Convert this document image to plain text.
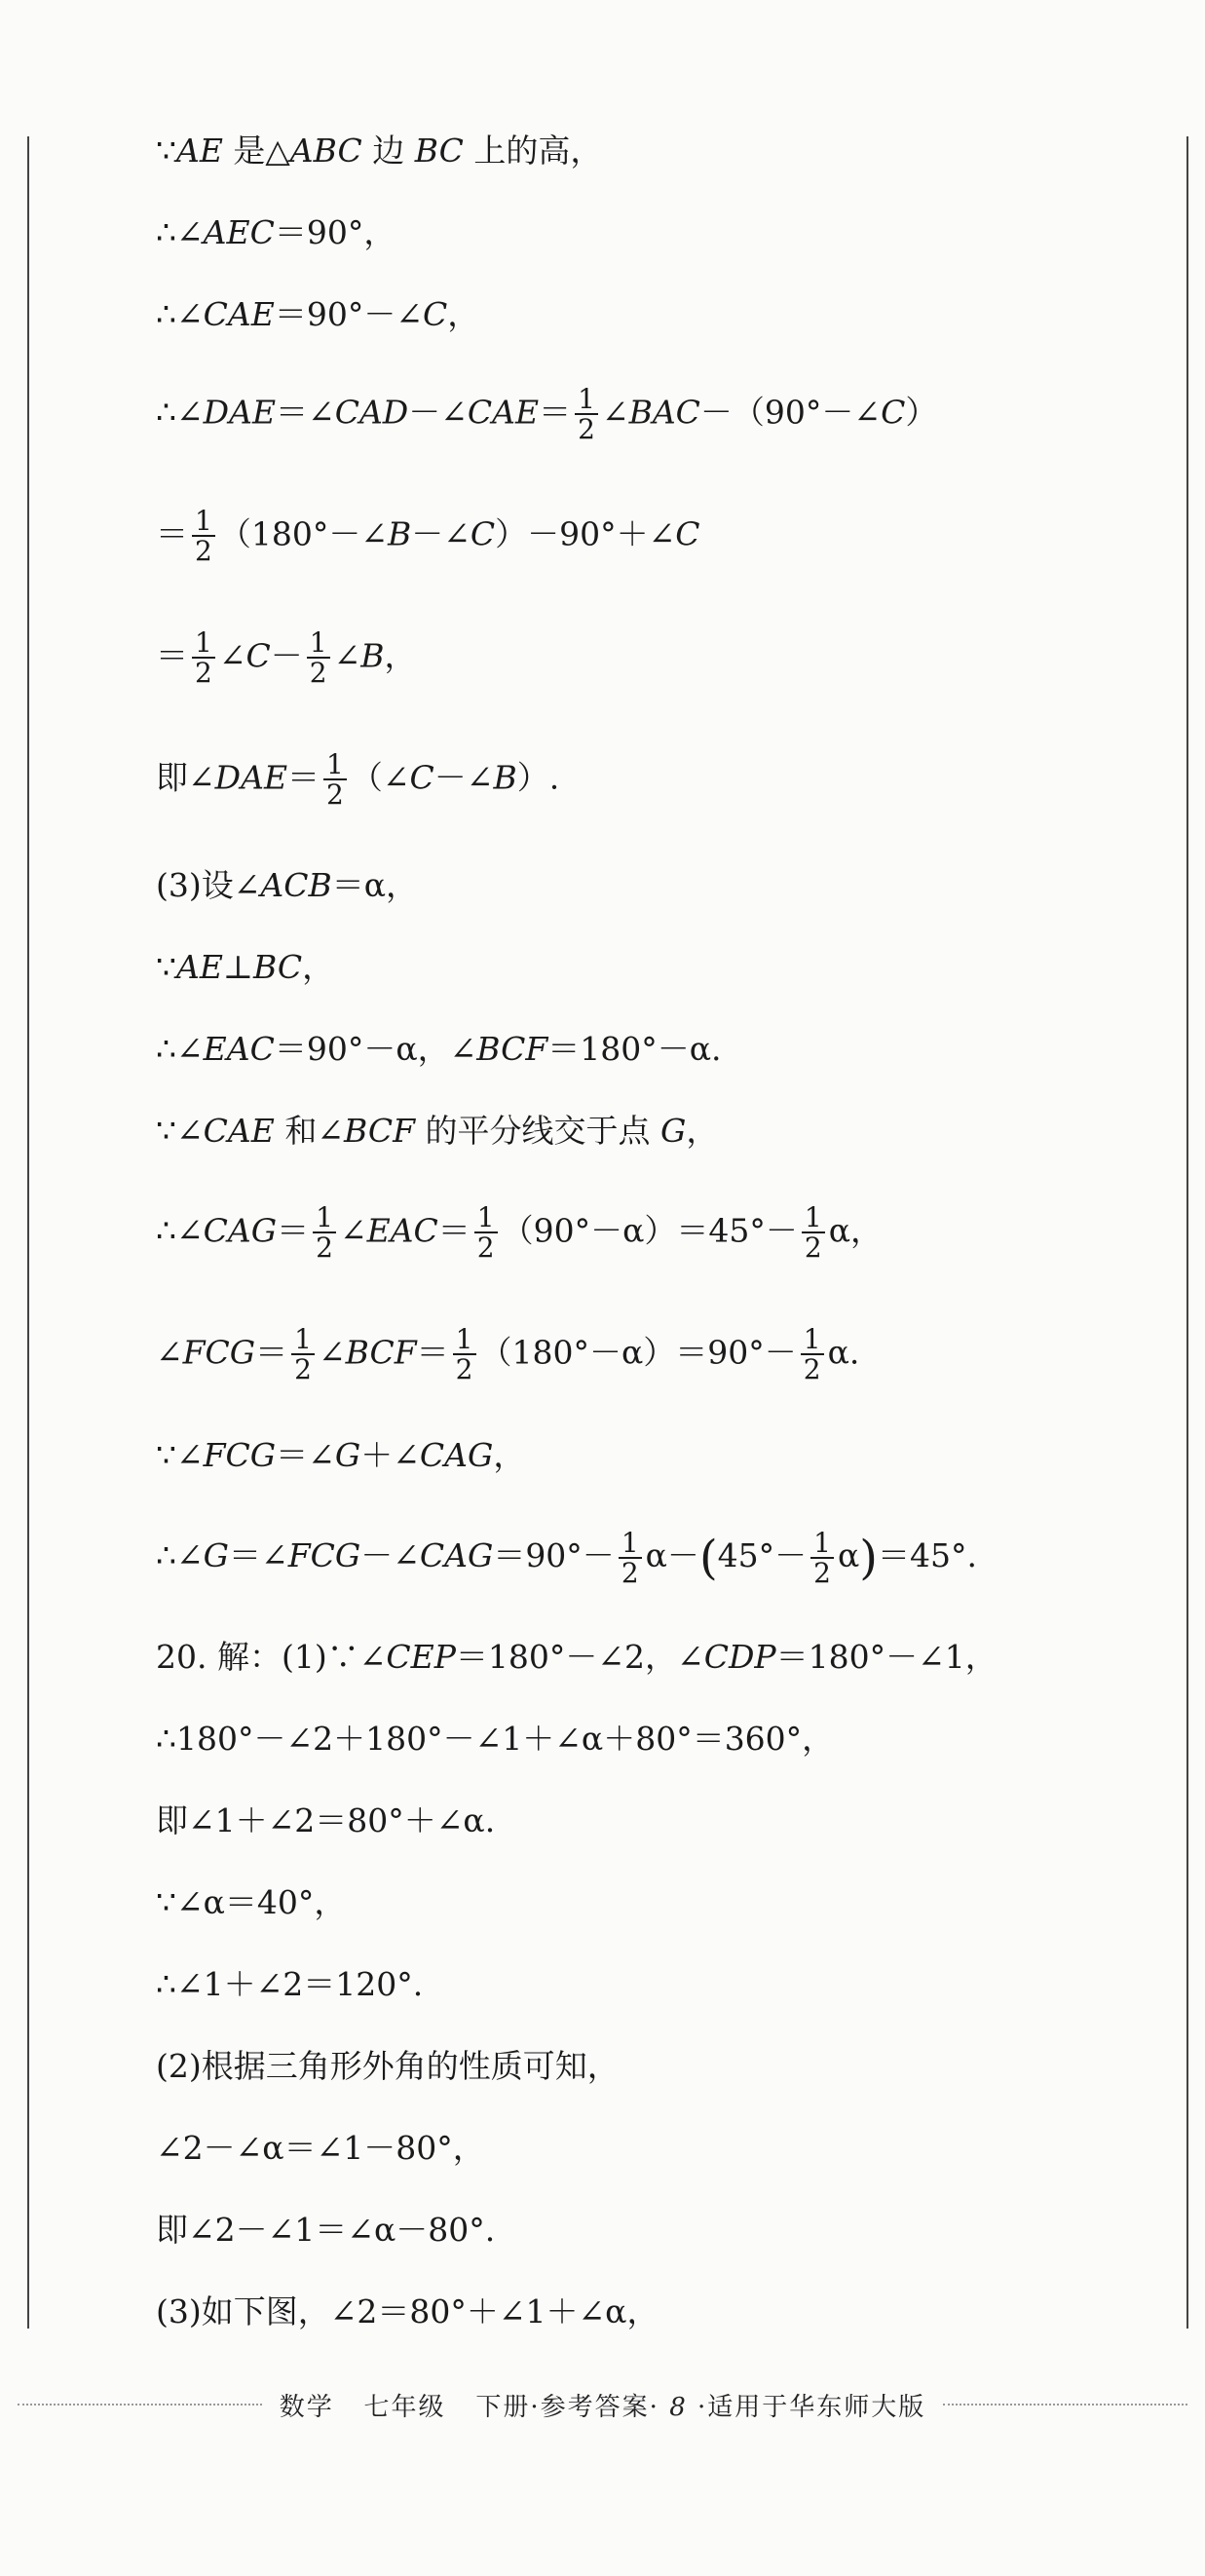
∵AE 是△ABC 边 BC 上的高，
∴∠AEC＝90°，
∴∠CAE＝90°－∠C，
∴∠DAE＝∠CAD－∠CAE＝ $\frac{1}{2}$ ∠BAC－（90°－∠C）
＝ $\frac{1}{2}$ （180°－∠B－∠C）－90°＋∠C
＝ $\frac{1}{2}$ ∠C－ $\frac{1}{2}$ ∠B，
即∠DAE＝ $\frac{1}{2}$ （∠C－∠B）.
(3)设∠ACB＝α，
∵AE⊥BC，
∴∠EAC＝90°－α，∠BCF＝180°－α.
∵∠CAE 和∠BCF 的平分线交于点 G，
∴∠CAG＝ $\frac{1}{2}$ ∠EAC＝ $\frac{1}{2} (90^\circ-\alpha)=45^\circ- \frac{1}{2}$ α，
∠FCG＝ $\frac{1}{2}$ ∠BCF＝ $\frac{1}{2} (180^\circ-\alpha)=90^\circ- \frac{1}{2} \alpha$.
∵∠FCG＝∠G＋∠CAG，
∴∠G＝∠FCG－∠CAG＝90°－ $\frac{1}{2} \alpha-(45^\circ- \frac{1}{2} \alpha)=45^\circ$.
20. 解：(1)∵∠CEP＝180°－∠2，∠CDP＝180°－∠1，
∴180°－∠2＋180°－∠1＋∠α＋80°＝360°，
即∠1＋∠2＝80°＋∠α.
∵∠α＝40°，
∴∠1＋∠2＝120°.
(2)根据三角形外角的性质可知，
∠2－∠α＝∠1－80°，
即∠2－∠1＝∠α－80°.
(3)如下图，∠2＝80°＋∠1＋∠α，
数学 七年级 下册·参考答案· 8 ·适用于华东师大版
